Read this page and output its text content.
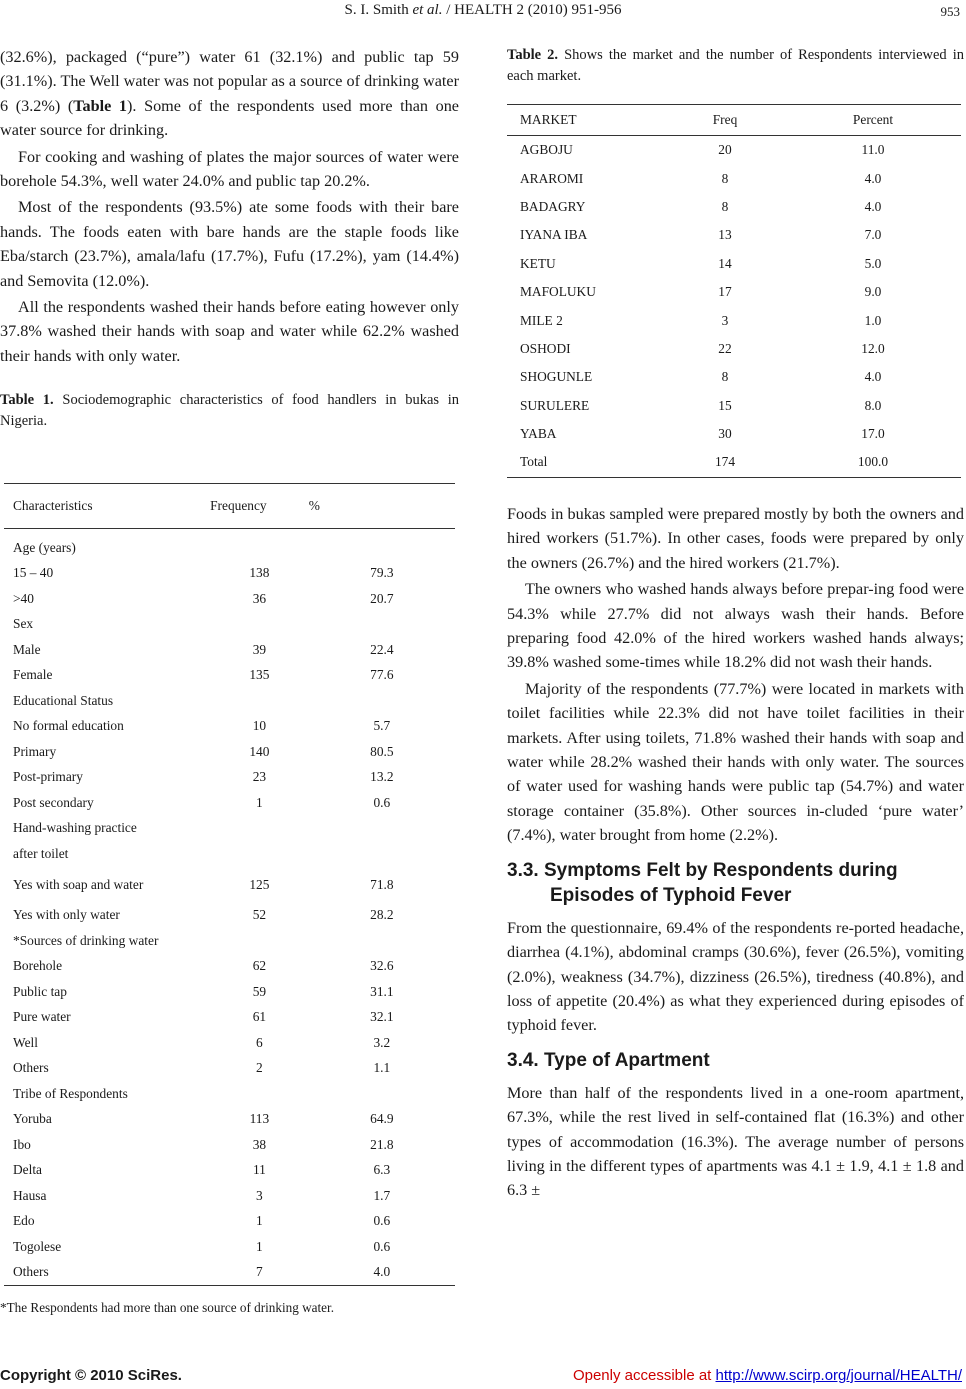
S. I. Smith et al. / HEALTH 2 (2010) 951-956	953

(32.6%), packaged (“pure”) water 61 (32.1%) and public tap 59 (31.1%). The Well water was not popular as a source of drinking water 6 (3.2%) (Table 1). Some of the respondents used more than one water source for drinking.

For cooking and washing of plates the major sources of water were borehole 54.3%, well water 24.0% and public tap 20.2%.

Most of the respondents (93.5%) ate some foods with their bare hands. The foods eaten with bare hands are the staple foods like Eba/starch (23.7%), amala/lafu (17.7%), Fufu (17.2%), yam (14.4%) and Semovita (12.0%).

All the respondents washed their hands before eating however only 37.8% washed their hands with soap and water while 62.2% washed their hands with only water.

Table 1. Sociodemographic characteristics of food handlers in bukas in Nigeria.

Characteristics	Frequency	%
Age (years)		
15 – 40	138	79.3
>40	36	20.7
Sex		
Male	39	22.4
Female	135	77.6
Educational Status		
No formal education	10	5.7
Primary	140	80.5
Post-primary	23	13.2
Post secondary	1	0.6
Hand-washing practice		
after toilet		
Yes with soap and water	125	71.8
Yes with only water	52	28.2
*Sources of drinking water		
Borehole	62	32.6
Public tap	59	31.1
Pure water	61	32.1
Well	6	3.2
Others	2	1.1
Tribe of Respondents		
Yoruba	113	64.9
Ibo	38	21.8
Delta	11	6.3
Hausa	3	1.7
Edo	1	0.6
Togolese	1	0.6
Others	7	4.0
*The Respondents had more than one source of drinking water.

Table 2. Shows the market and the number of Respondents interviewed in each market.

MARKET	Freq	Percent
AGBOJU	20	11.0
ARAROMI	8	4.0
BADAGRY	8	4.0
IYANA IBA	13	7.0
KETU	14	5.0
MAFOLUKU	17	9.0
MILE 2	3	1.0
OSHODI	22	12.0
SHOGUNLE	8	4.0
SURULERE	15	8.0
YABA	30	17.0
Total	174	100.0

Foods in bukas sampled were prepared mostly by both the owners and hired workers (51.7%). In other cases, foods were prepared by only the owners (26.7%) and the hired workers (21.7%).

The owners who washed hands always before prepar-ing food were 54.3% while 27.7% did not always wash their hands. Before preparing food 42.0% of the hired workers washed hands always; 39.8% washed some-times while 18.2% did not wash their hands.

Majority of the respondents (77.7%) were located in markets with toilet facilities while 22.3% did not have toilet facilities in their markets. After using toilets, 71.8% washed their hands with soap and water while 28.2% washed their hands with only water. The sources of water used for washing hands were public tap (54.7%) and water storage container (35.8%). Other sources in-cluded ‘pure water’ (7.4%), water brought from home (2.2%).

3.3. Symptoms Felt by Respondents during
Episodes of Typhoid Fever

From the questionnaire, 69.4% of the respondents re-ported headache, diarrhea (4.1%), abdominal cramps (30.6%), fever (26.5%), vomiting (2.0%), weakness (34.7%), dizziness (26.5%), tiredness (40.8%), and loss of appetite (20.4%) as what they experienced during episodes of typhoid fever.

3.4. Type of Apartment

More than half of the respondents lived in a one-room apartment, 67.3%, while the rest lived in self-contained flat (16.3%) and other types of accommodation (16.3%). The average number of persons living in the different types of apartments was 4.1 ± 1.9, 4.1 ± 1.8 and 6.3 ±

Copyright © 2010 SciRes.	Openly accessible at http://www.scirp.org/journal/HEALTH/
